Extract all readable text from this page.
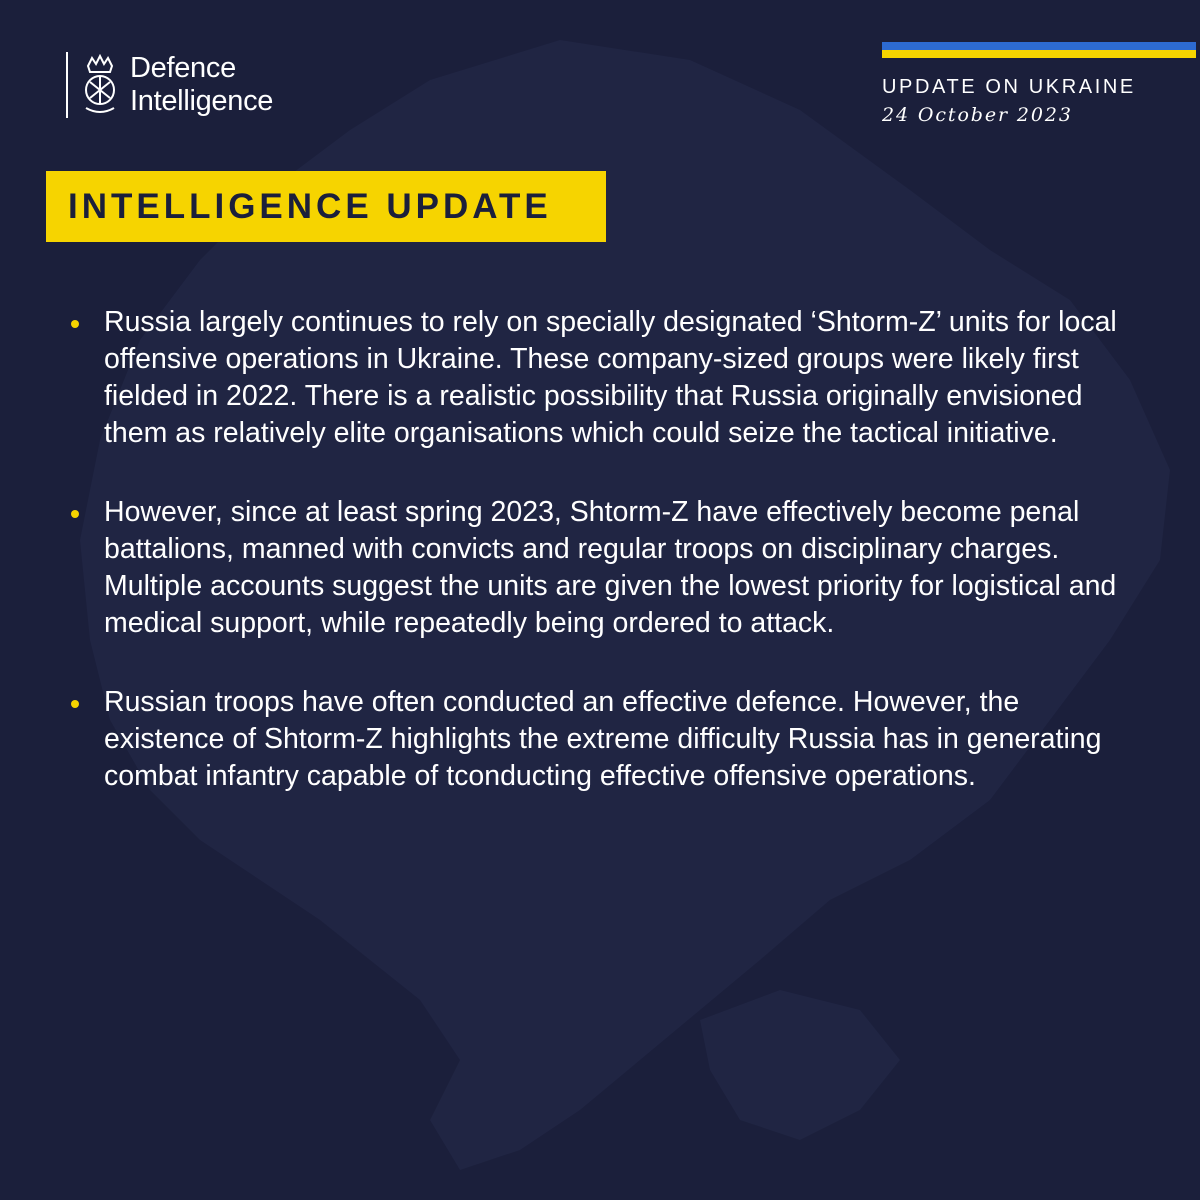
Defence
Intelligence	UPDATE ON UKRAINE
24 October 2023
INTELLIGENCE UPDATE
Russia largely continues to rely on specially designated ‘Shtorm-Z’ units for local offensive operations in Ukraine. These company-sized groups were likely first fielded in 2022. There is a realistic possibility that Russia originally envisioned them as relatively elite organisations which could seize the tactical initiative.
However, since at least spring 2023, Shtorm-Z have effectively become penal battalions, manned with convicts and regular troops on disciplinary charges. Multiple accounts suggest the units are given the lowest priority for logistical and medical support, while repeatedly being ordered to attack.
Russian troops have often conducted an effective defence. However, the existence of Shtorm-Z highlights the extreme difficulty Russia has in generating combat infantry capable of tconducting effective offensive operations.
